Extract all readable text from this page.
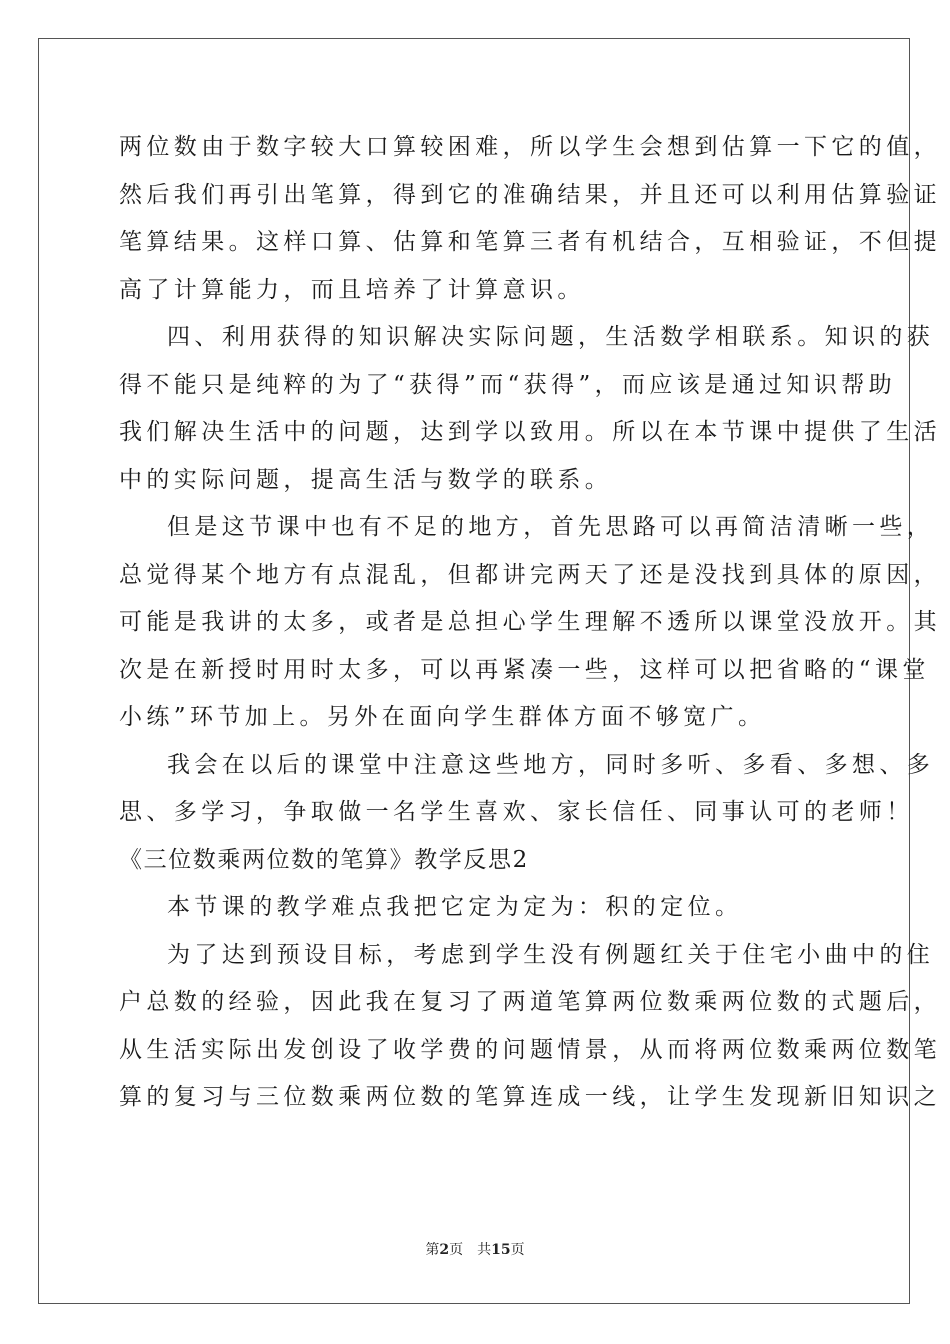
两位数由于数字较大口算较困难，所以学生会想到估算一下它的值，
然后我们再引出笔算，得到它的准确结果，并且还可以利用估算验证
笔算结果。这样口算、估算和笔算三者有机结合，互相验证，不但提
高了计算能力，而且培养了计算意识。
四、利用获得的知识解决实际问题，生活数学相联系。知识的获
得不能只是纯粹的为了“获得”而“获得”，而应该是通过知识帮助
我们解决生活中的问题，达到学以致用。所以在本节课中提供了生活
中的实际问题，提高生活与数学的联系。
但是这节课中也有不足的地方，首先思路可以再简洁清晰一些，
总觉得某个地方有点混乱，但都讲完两天了还是没找到具体的原因，
可能是我讲的太多，或者是总担心学生理解不透所以课堂没放开。其
次是在新授时用时太多，可以再紧凑一些，这样可以把省略的“课堂
小练”环节加上。另外在面向学生群体方面不够宽广。
我会在以后的课堂中注意这些地方，同时多听、多看、多想、多
思、多学习，争取做一名学生喜欢、家长信任、同事认可的老师！
《三位数乘两位数的笔算》教学反思2
本节课的教学难点我把它定为定为：积的定位。
为了达到预设目标，考虑到学生没有例题红关于住宅小曲中的住
户总数的经验，因此我在复习了两道笔算两位数乘两位数的式题后，
从生活实际出发创设了收学费的问题情景，从而将两位数乘两位数笔
算的复习与三位数乘两位数的笔算连成一线，让学生发现新旧知识之
第2页 共15页
